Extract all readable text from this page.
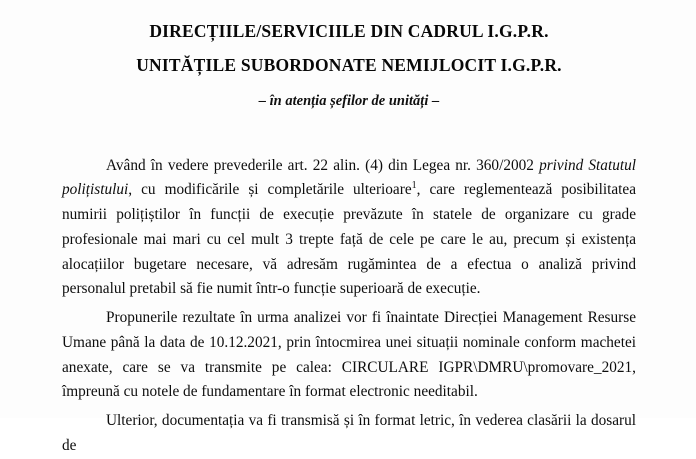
DIRECȚIILE/SERVICIILE DIN CADRUL I.G.P.R.

UNITĂȚILE SUBORDONATE NEMIJLOCIT I.G.P.R.

– în atenția șefilor de unități –

Având în vedere prevederile art. 22 alin. (4) din Legea nr. 360/2002 privind Statutul polițistului, cu modificările și completările ulterioare$^1$, care reglementează posibilitatea numirii polițiștilor în funcții de execuție prevăzute în statele de organizare cu grade profesionale mai mari cu cel mult 3 trepte față de cele pe care le au, precum și existența alocațiilor bugetare necesare, vă adresăm rugămintea de a efectua o analiză privind personalul pretabil să fie numit într-o funcție superioară de execuție.

Propunerile rezultate în urma analizei vor fi înaintate Direcției Management Resurse Umane până la data de 10.12.2021, prin întocmirea unei situații nominale conform machetei anexate, care se va transmite pe calea: CIRCULARE IGPR\DMRU\promovare_2021, împreună cu notele de fundamentare în format electronic needitabil.

Ulterior, documentația va fi transmisă și în format letric, în vederea clasării la dosarul de
